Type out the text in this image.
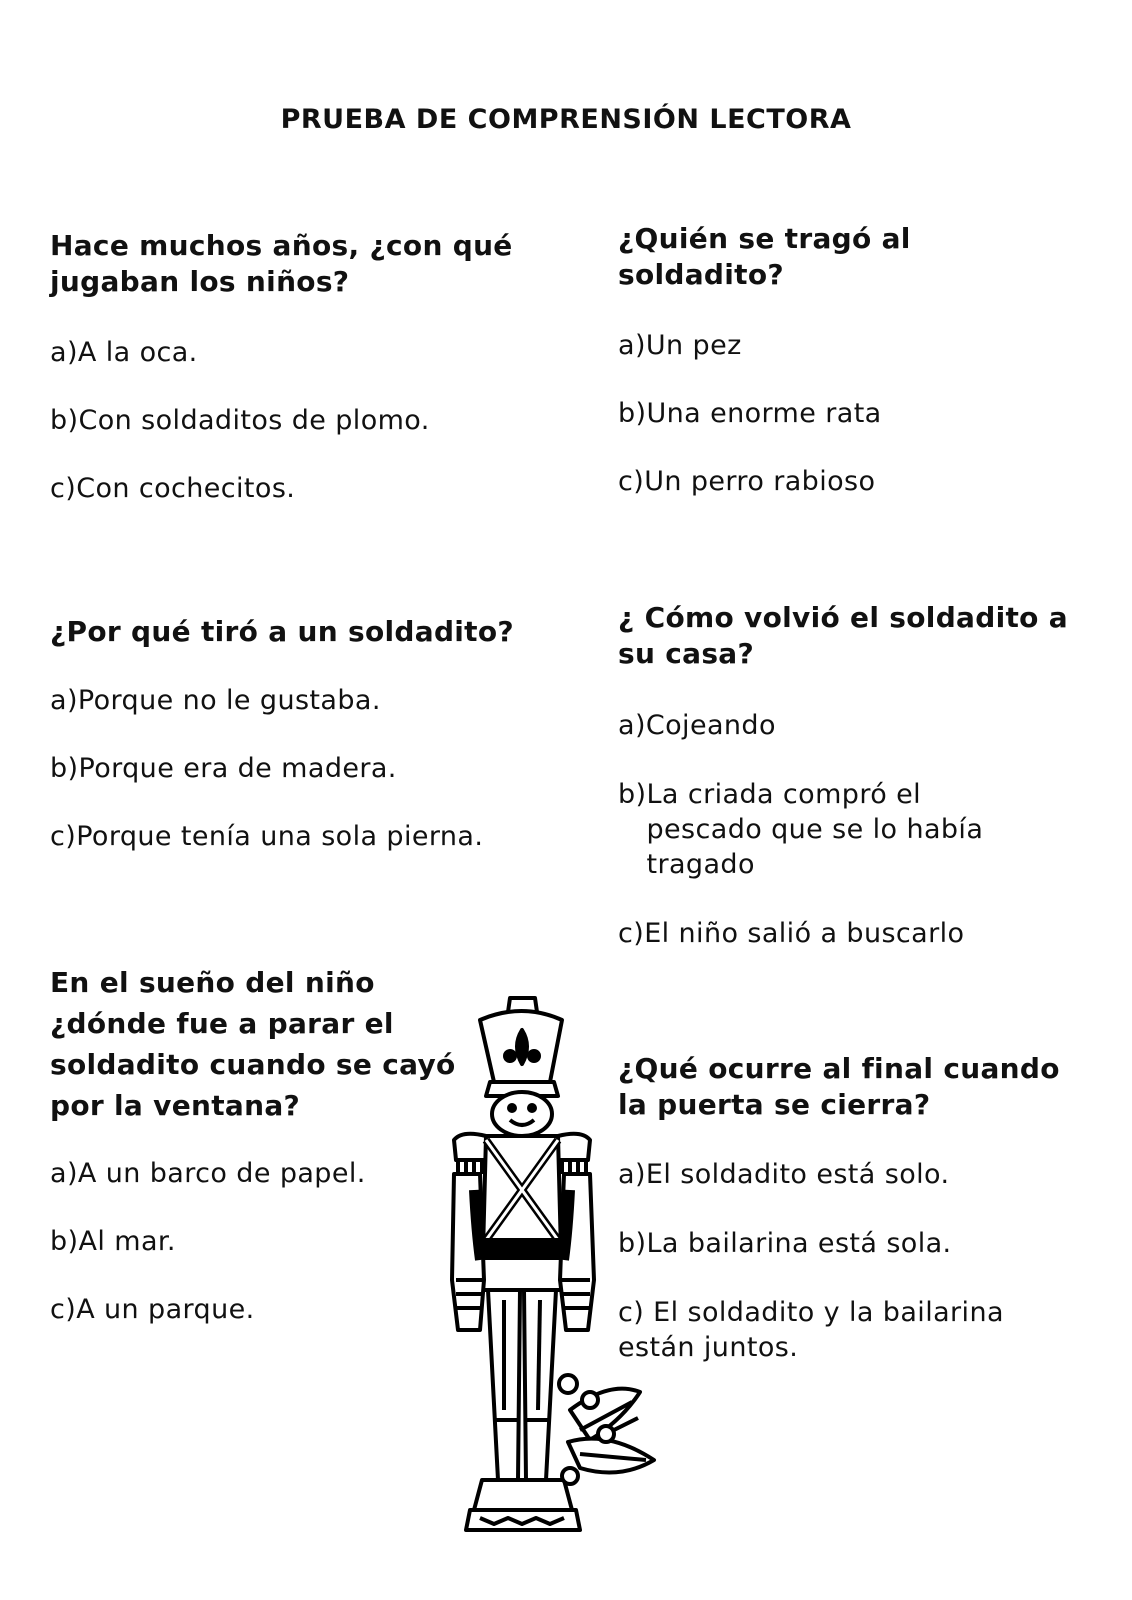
PRUEBA DE COMPRENSIÓN LECTORA
Hace muchos años, ¿con qué jugaban los niños?

a) A la oca.

b) Con soldaditos de plomo.

c) Con cochecitos.

¿Quién se tragó al soldadito?

a) Un pez

b) Una enorme rata

c) Un perro rabioso

¿Por qué tiró a un soldadito?

a) Porque no le gustaba.

b) Porque era de madera.

c) Porque tenía una sola pierna.

¿ Cómo volvió el soldadito a su casa?

a) Cojeando

b) La criada compró el pescado que se lo había tragado

c) El niño salió a buscarlo

En el sueño del niño ¿dónde fue a parar el soldadito cuando se cayó por la ventana?

a) A un barco de papel.

b) Al mar.

c) A un parque.

¿Qué ocurre al final cuando la puerta se cierra?

a) El soldadito está solo.

b) La bailarina está sola.

c) El soldadito y la bailarina están juntos.
